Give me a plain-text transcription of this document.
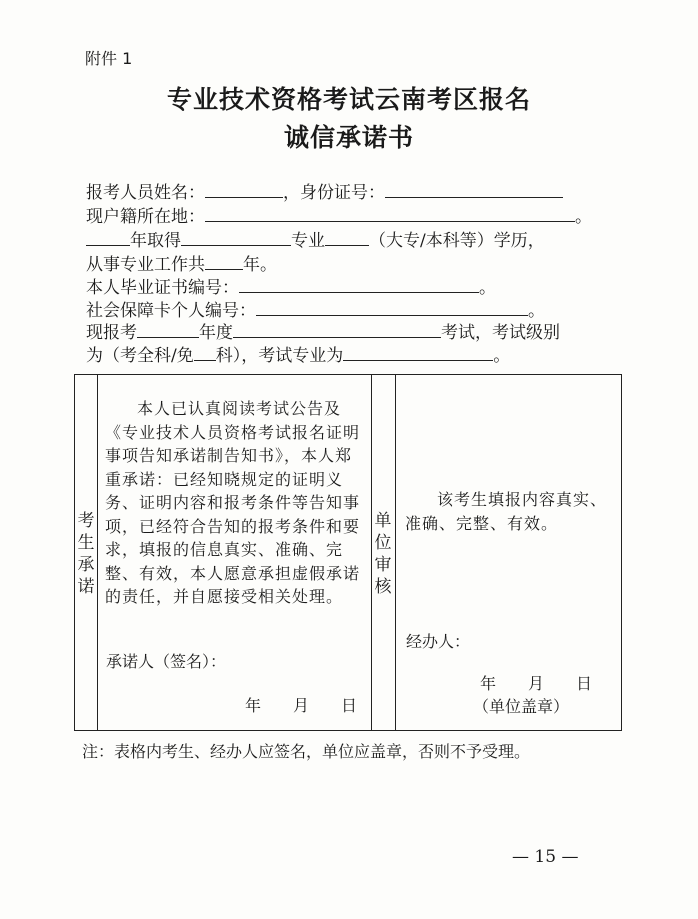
附件 1
专业技术资格考试云南考区报名
诚信承诺书
报考人员姓名：	，身份证号：
现户籍所在地：	。
年取得	专业	（大专/本科等）学历，
从事专业工作共 年。
本人毕业证书编号：	。
社会保障卡个人编号：	。
现报考	年度	考试，考试级别
为（考全科/免 科），考试专业为	。
考生承诺
本人已认真阅读考试公告及《专业技术人员资格考试报名证明事项告知承诺制告知书》，本人郑重承诺：已经知晓规定的证明义务、证明内容和报考条件等告知事项，已经符合告知的报考条件和要求，填报的信息真实、准确、完整、有效，本人愿意承担虚假承诺的责任，并自愿接受相关处理。
承诺人（签名）：
年　　月　　日
单位审核
该考生填报内容真实、准确、完整、有效。
经办人：
年　　月　　日
（单位盖章）
注：表格内考生、经办人应签名，单位应盖章，否则不予受理。
— 15 —
